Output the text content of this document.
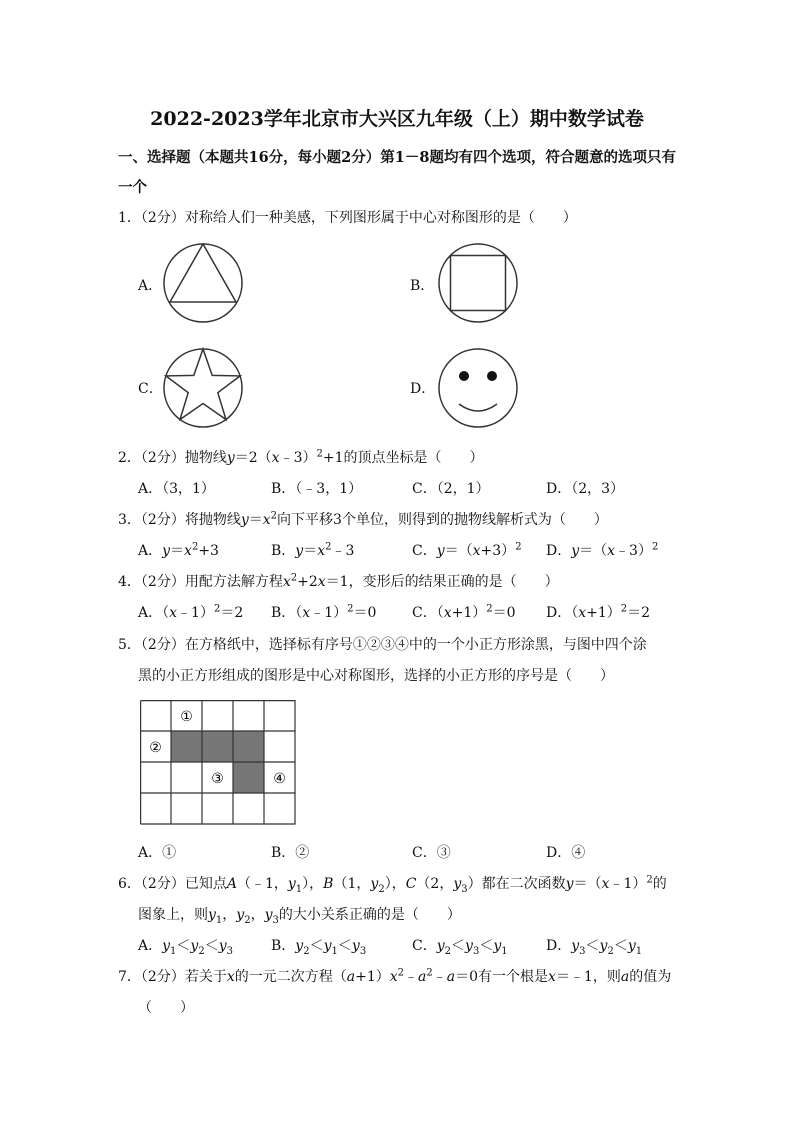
2022-2023学年北京市大兴区九年级（上）期中数学试卷
一、选择题（本题共16分，每小题2分）第1－8题均有四个选项，符合题意的选项只有
一个
1．（2分）对称给人们一种美感，下列图形属于中心对称图形的是（　　）
A．	B．
C．	D．
2．（2分）抛物线y＝2（x﹣3）$^2$+1的顶点坐标是（　　）
A．（3，1）	B．（﹣3，1）	C．（2，1）	D．（2，3）
3．（2分）将抛物线$y=x^2$向下平移3个单位，则得到的抛物线解析式为（　　）
A．$y=x^2+3$	B．$y=x^2﹣3$	C．$y=(x+3)^2$ D．y＝（x﹣3）$^2$
4．（2分）用配方法解方程$x^2+2x=1$，变形后的结果正确的是（　　）
A．（x﹣1）$^2$＝2 B．（x﹣1）$^2$＝0	C．$(x+1)^2=0$ D．$(x+1)^2=2$
5．（2分）在方格纸中，选择标有序号①②③④中的一个小正方形涂黑，与图中四个涂
黑的小正方形组成的图形是中心对称图形，选择的小正方形的序号是（　　）
①
②
③	④
A．①	B．②	C．③	D．④
6．（2分）已知点A（﹣1，$y_1$），B（1，$y_2$），C（2，$y_3$）都在二次函数y＝（x﹣1）$^2$的
图象上，则$y_1$，$y_2$，$y_3$的大小关系正确的是（　　）
A．$y_1<y_2<y_3$	B．$y_2<y_1<y_3$	C．$y_2<y_3<y_1$	D．$y_3<y_2<y_1$
7．（2分）若关于x的一元二次方程$(a+1)x^2﹣a^2﹣a=0$有一个根是x＝﹣1，则a的值为
（　　）
